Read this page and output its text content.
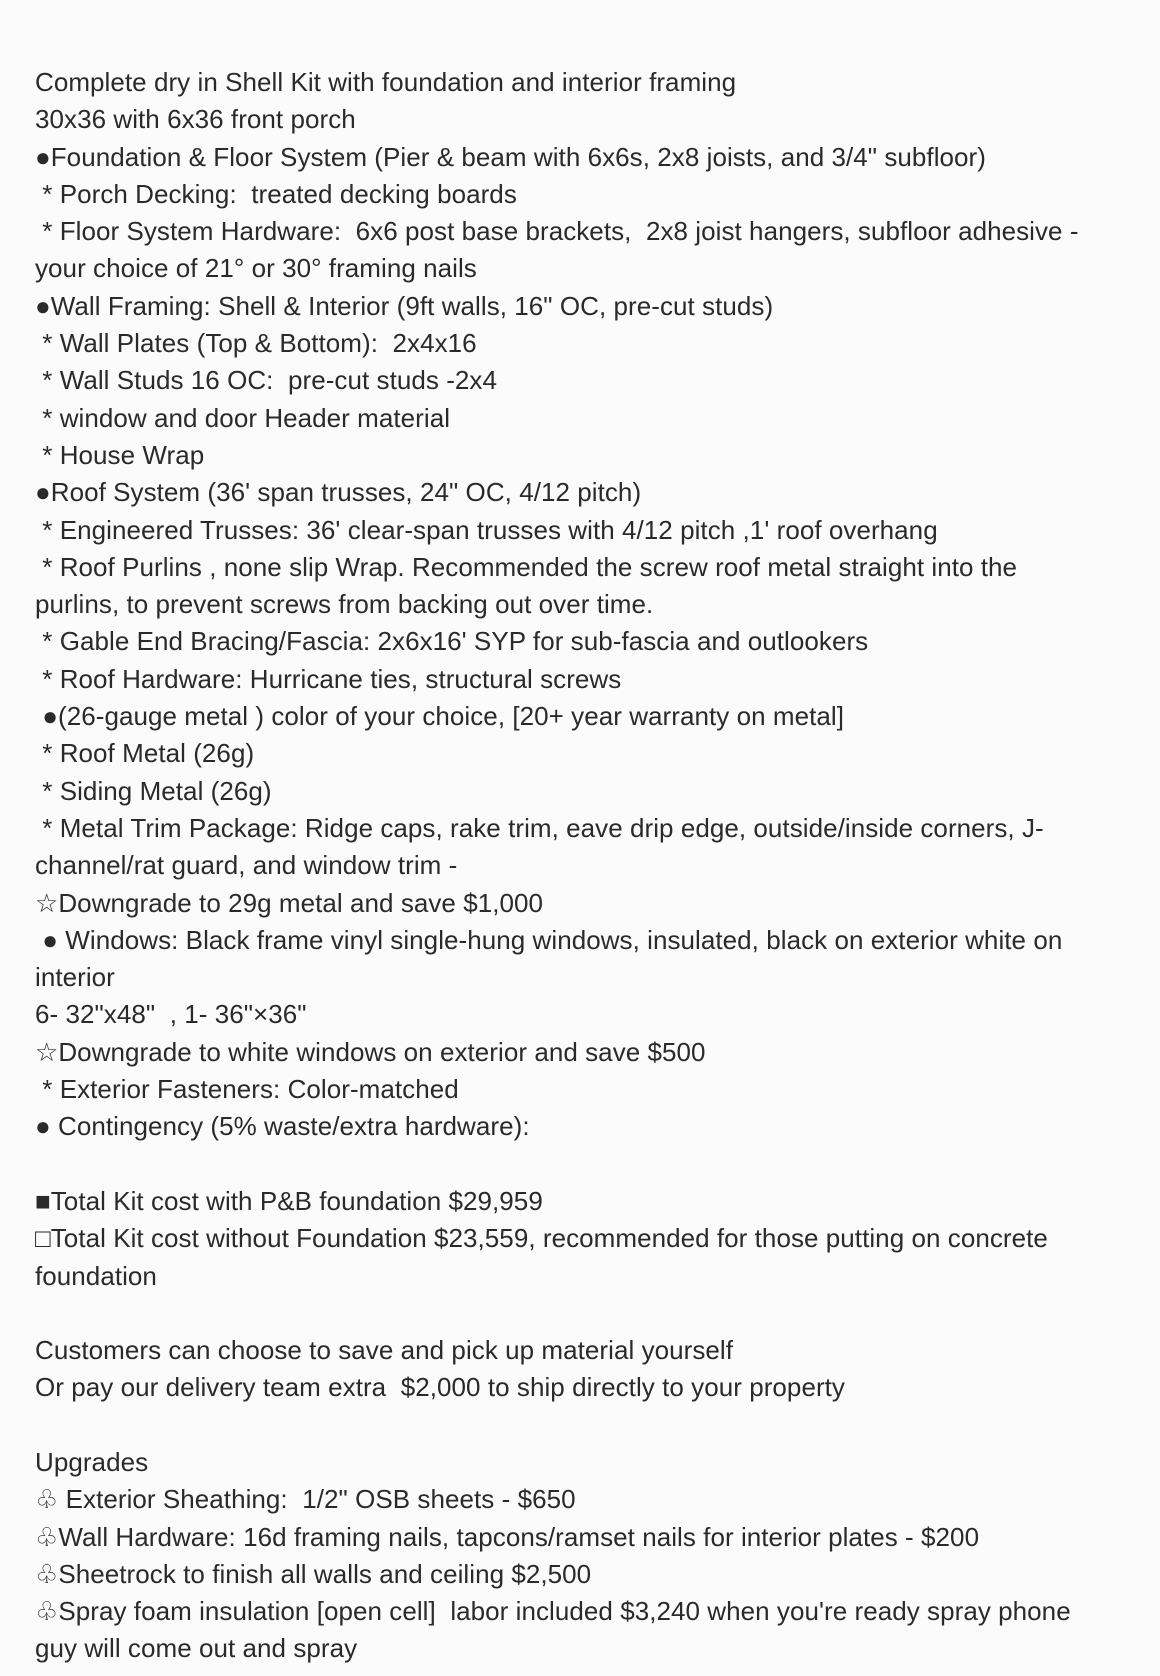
Complete dry in Shell Kit with foundation and interior framing

30x36 with 6x36 front porch

●Foundation & Floor System (Pier & beam with 6x6s, 2x8 joists, and 3/4" subfloor)

* Porch Decking:  treated decking boards

* Floor System Hardware:  6x6 post base brackets,  2x8 joist hangers, subfloor adhesive -

your choice of 21° or 30° framing nails

●Wall Framing: Shell & Interior (9ft walls, 16" OC, pre-cut studs)

* Wall Plates (Top & Bottom):  2x4x16

* Wall Studs 16 OC:  pre-cut studs -2x4

* window and door Header material

* House Wrap

●Roof System (36' span trusses, 24" OC, 4/12 pitch)

* Engineered Trusses: 36' clear-span trusses with 4/12 pitch ,1' roof overhang

* Roof Purlins , none slip Wrap. Recommended the screw roof metal straight into the

purlins, to prevent screws from backing out over time.

* Gable End Bracing/Fascia: 2x6x16' SYP for sub-fascia and outlookers

* Roof Hardware: Hurricane ties, structural screws

●(26-gauge metal ) color of your choice, [20+ year warranty on metal]

* Roof Metal (26g)

* Siding Metal (26g)

* Metal Trim Package: Ridge caps, rake trim, eave drip edge, outside/inside corners, J-

channel/rat guard, and window trim -

☆Downgrade to 29g metal and save $1,000

● Windows: Black frame vinyl single-hung windows, insulated, black on exterior white on

interior

6- 32"x48"  , 1- 36"×36"

☆Downgrade to white windows on exterior and save $500

* Exterior Fasteners: Color-matched

● Contingency (5% waste/extra hardware):

■Total Kit cost with P&B foundation $29,959

□Total Kit cost without Foundation $23,559, recommended for those putting on concrete

foundation

Customers can choose to save and pick up material yourself

Or pay our delivery team extra  $2,000 to ship directly to your property

Upgrades

♧ Exterior Sheathing:  1/2" OSB sheets - $650

♧Wall Hardware: 16d framing nails, tapcons/ramset nails for interior plates - $200

♧Sheetrock to finish all walls and ceiling $2,500

♧Spray foam insulation [open cell]  labor included $3,240 when you're ready spray phone

guy will come out and spray
